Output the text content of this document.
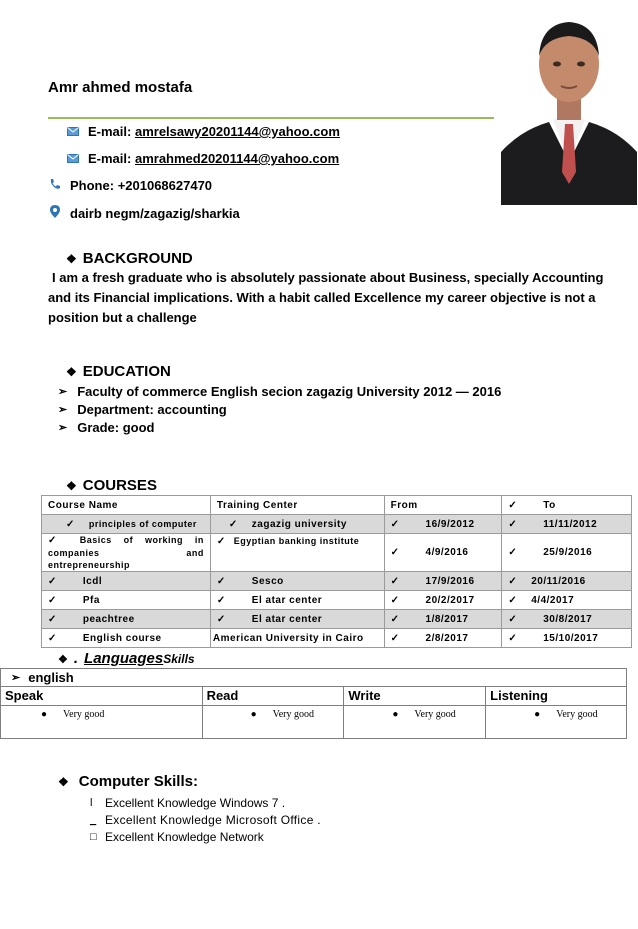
Amr ahmed mostafa
E-mail:
amrelsawy20201144@yahoo.com
E-mail:
amrahmed20201144@yahoo.com
Phone:
+201068627470
dairb negm/zagazig/sharkia
❖ BACKGROUND
I am a fresh graduate who is absolutely passionate about Business, specially Accounting and its Financial implications. With a habit called Excellence my career objective is not a position but a challenge
❖ EDUCATION
➢ Faculty of commerce English secion zagazig University 2012 — 2016
➢ Department: accounting
➢ Grade: good
❖ COURSES
Course Name	Training Center	From	✓ To
✓ principles of computer	✓ zagazig university	✓ 16/9/2012	✓ 11/11/2012
✓ Basics of working in companies and entrepreneurship	✓ Egyptian banking institute	✓ 4/9/2016	✓ 25/9/2016
✓ Icdl	✓ Sesco	✓ 17/9/2016	✓ 20/11/2016
✓ Pfa	✓ El atar center	✓ 20/2/2017	✓ 4/4/2017
✓ peachtree	✓ El atar center	✓ 1/8/2017	✓ 30/8/2017
✓ English course	American University in Cairo	✓ 2/8/2017	✓ 15/10/2017
❖ . Languages Skills
➢ english
Speak	Read	Write	Listening
● Very good	● Very good	● Very good	● Very good
❖ Computer Skills:
l	Excellent Knowledge Windows 7 .
_ Excellent Knowledge Microsoft Office .
□ Excellent Knowledge Network
